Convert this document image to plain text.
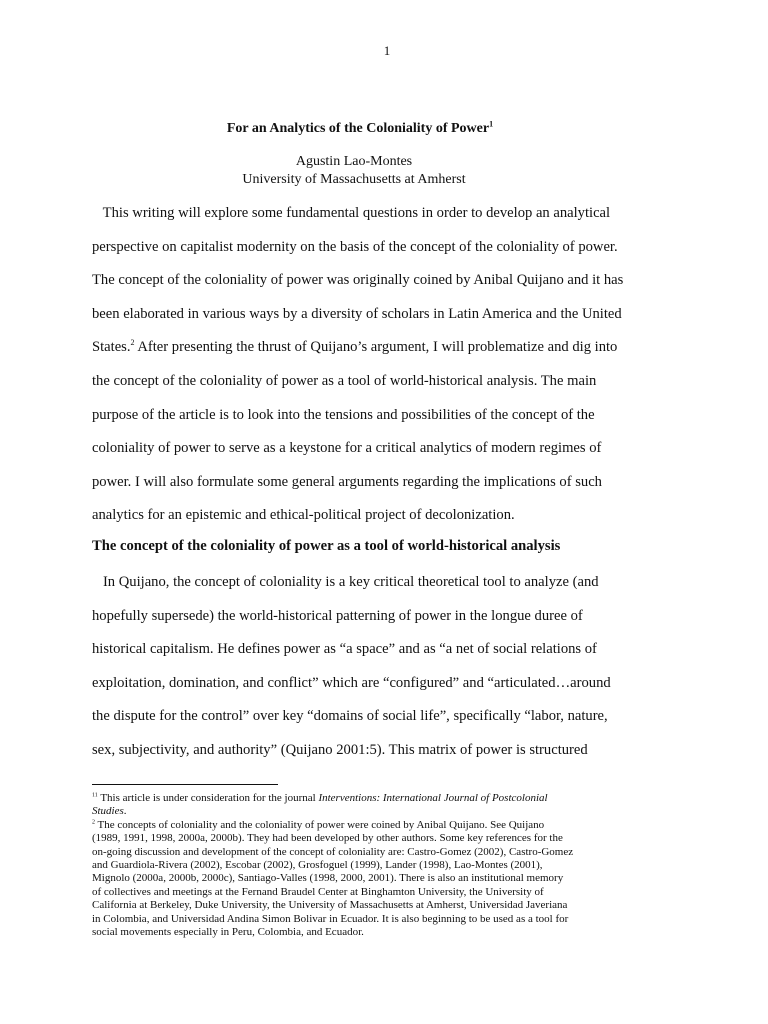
1
For an Analytics of the Coloniality of Power$^1$
Agustin Lao-Montes
University of Massachusetts at Amherst
This writing will explore some fundamental questions in order to develop an analytical
perspective on capitalist modernity on the basis of the concept of the coloniality of power.
The concept of the coloniality of power was originally coined by Anibal Quijano and it has
been elaborated in various ways by a diversity of scholars in Latin America and the United
States.$^2$ After presenting the thrust of Quijano’s argument, I will problematize and dig into
the concept of the coloniality of power as a tool of world-historical analysis. The main
purpose of the article is to look into the tensions and possibilities of the concept of the
coloniality of power to serve as a keystone for a critical analytics of modern regimes of
power. I will also formulate some general arguments regarding the implications of such
analytics for an epistemic and ethical-political project of decolonization.
The concept of the coloniality of power as a tool of world-historical analysis
In Quijano, the concept of coloniality is a key critical theoretical tool to analyze (and
hopefully supersede) the world-historical patterning of power in the longue duree of
historical capitalism. He defines power as “a space” and as “a net of social relations of
exploitation, domination, and conflict” which are “configured” and “articulated…around
the dispute for the control” over key “domains of social life”, specifically “labor, nature,
sex, subjectivity, and authority” (Quijano 2001:5). This matrix of power is structured
$^{11}$ This article is under consideration for the journal Interventions: International Journal of Postcolonial
Studies.
$^2$ The concepts of coloniality and the coloniality of power were coined by Anibal Quijano. See Quijano
(1989, 1991, 1998, 2000a, 2000b). They had been developed by other authors. Some key references for the
on-going discussion and development of the concept of coloniality are: Castro-Gomez (2002), Castro-Gomez
and Guardiola-Rivera (2002), Escobar (2002), Grosfoguel (1999), Lander (1998), Lao-Montes (2001),
Mignolo (2000a, 2000b, 2000c), Santiago-Valles (1998, 2000, 2001). There is also an institutional memory
of collectives and meetings at the Fernand Braudel Center at Binghamton University, the University of
California at Berkeley, Duke University, the University of Massachusetts at Amherst, Universidad Javeriana
in Colombia, and Universidad Andina Simon Bolivar in Ecuador. It is also beginning to be used as a tool for
social movements especially in Peru, Colombia, and Ecuador.
